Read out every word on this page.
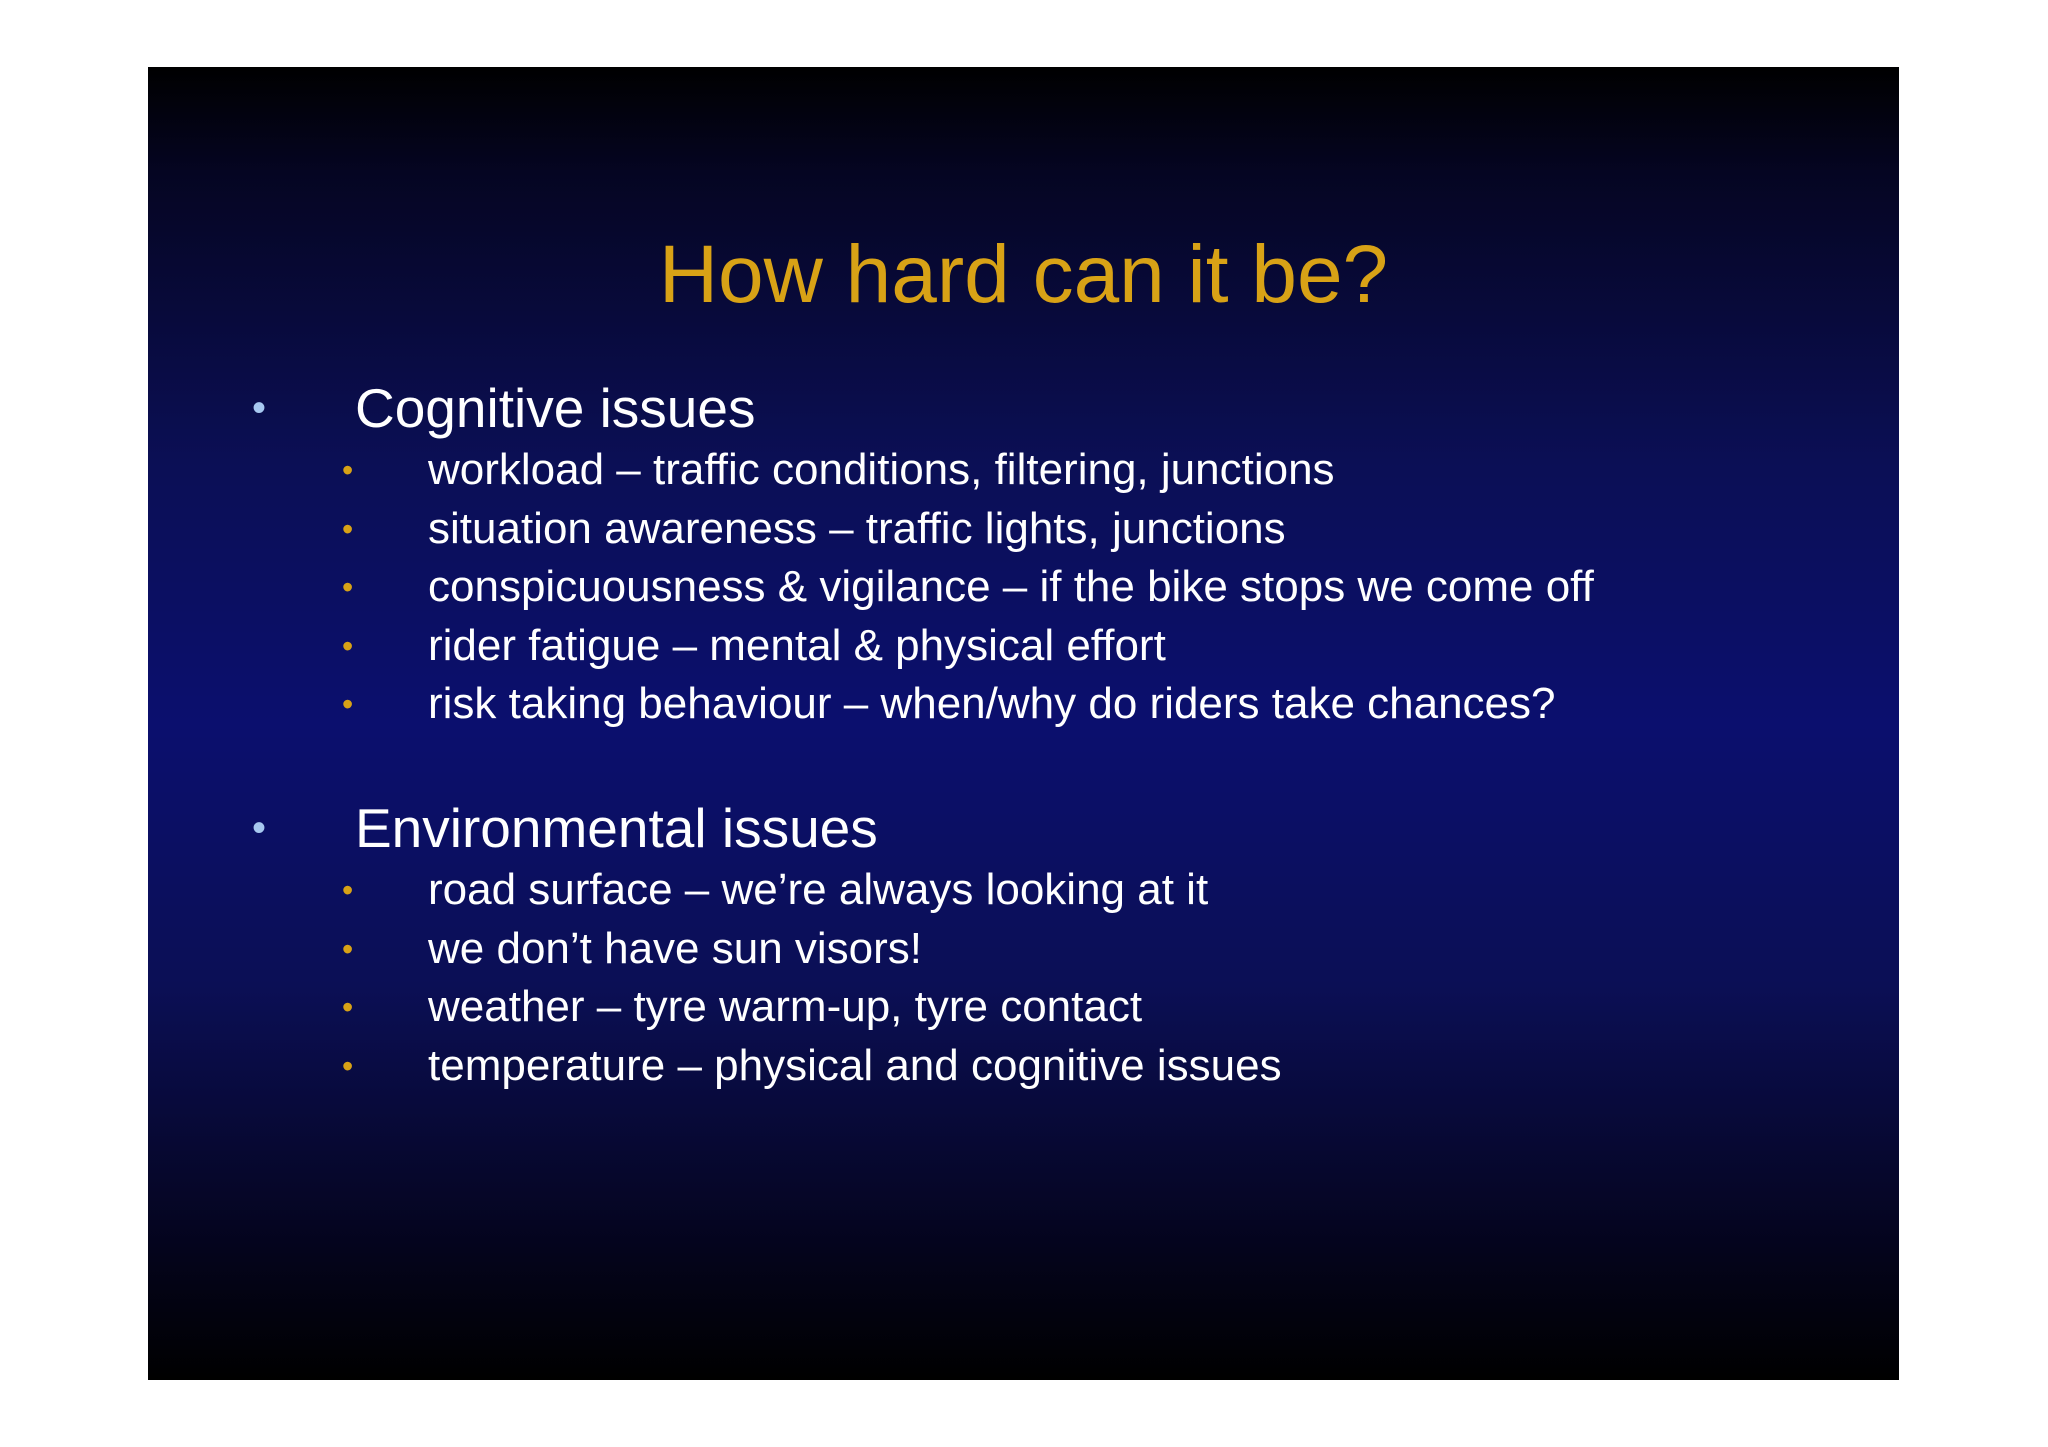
How hard can it be?
• Cognitive issues
• workload – traffic conditions, filtering, junctions
• situation awareness – traffic lights, junctions
• conspicuousness & vigilance – if the bike stops we come off
• rider fatigue – mental & physical effort
• risk taking behaviour – when/why do riders take chances?
• Environmental issues
• road surface – we’re always looking at it
• we don’t have sun visors!
• weather – tyre warm-up, tyre contact
• temperature – physical and cognitive issues
